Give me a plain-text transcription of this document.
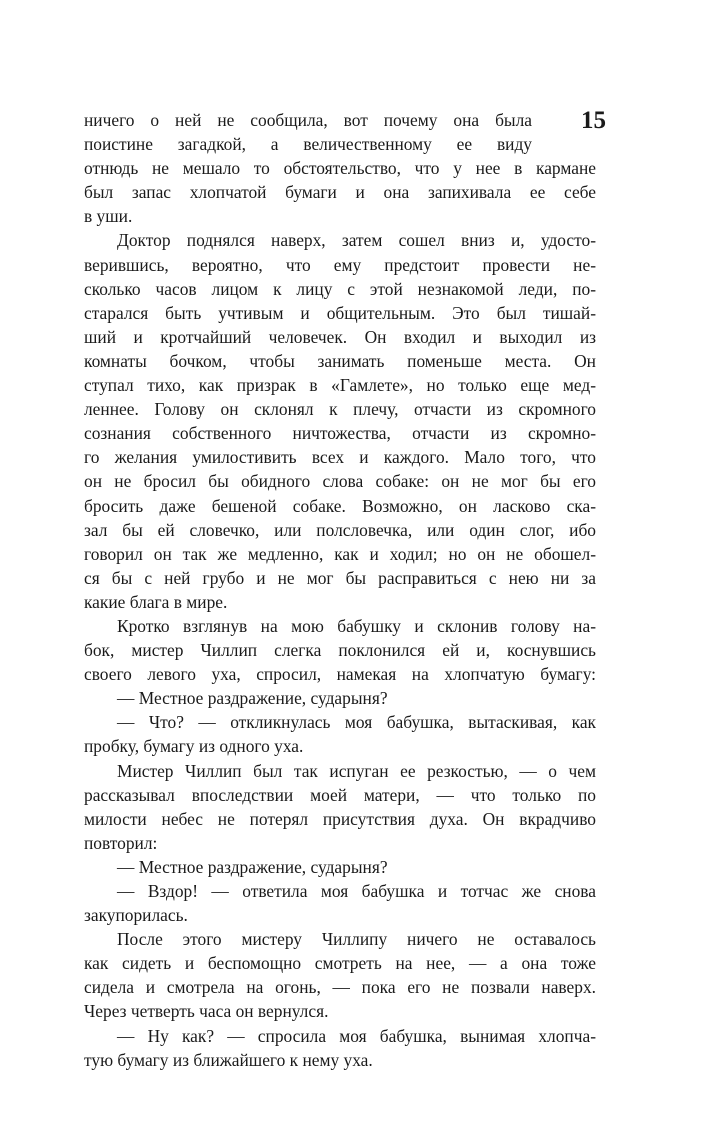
15
ничего о ней не сообщила, вот почему она была
поистине загадкой, а величественному ее виду
отнюдь не мешало то обстоятельство, что у нее в кармане
был запас хлопчатой бумаги и она запихивала ее себе
в уши.
Доктор поднялся наверх, затем сошел вниз и, удосто-
верившись, вероятно, что ему предстоит провести не-
сколько часов лицом к лицу с этой незнакомой леди, по-
старался быть учтивым и общительным. Это был тишай-
ший и кротчайший человечек. Он входил и выходил из
комнаты бочком, чтобы занимать поменьше места. Он
ступал тихо, как призрак в «Гамлете», но только еще мед-
леннее. Голову он склонял к плечу, отчасти из скромного
сознания собственного ничтожества, отчасти из скромно-
го желания умилостивить всех и каждого. Мало того, что
он не бросил бы обидного слова собаке: он не мог бы его
бросить даже бешеной собаке. Возможно, он ласково ска-
зал бы ей словечко, или полсловечка, или один слог, ибо
говорил он так же медленно, как и ходил; но он не обошел-
ся бы с ней грубо и не мог бы расправиться с нею ни за
какие блага в мире.
Кротко взглянув на мою бабушку и склонив голову на-
бок, мистер Чиллип слегка поклонился ей и, коснувшись
своего левого уха, спросил, намекая на хлопчатую бумагу:
— Местное раздражение, сударыня?
— Что? — откликнулась моя бабушка, вытаскивая, как
пробку, бумагу из одного уха.
Мистер Чиллип был так испуган ее резкостью, — о чем
рассказывал впоследствии моей матери, — что только по
милости небес не потерял присутствия духа. Он вкрадчиво
повторил:
— Местное раздражение, сударыня?
— Вздор! — ответила моя бабушка и тотчас же снова
закупорилась.
После этого мистеру Чиллипу ничего не оставалось
как сидеть и беспомощно смотреть на нее, — а она тоже
сидела и смотрела на огонь, — пока его не позвали наверх.
Через четверть часа он вернулся.
— Ну как? — спросила моя бабушка, вынимая хлопча-
тую бумагу из ближайшего к нему уха.
